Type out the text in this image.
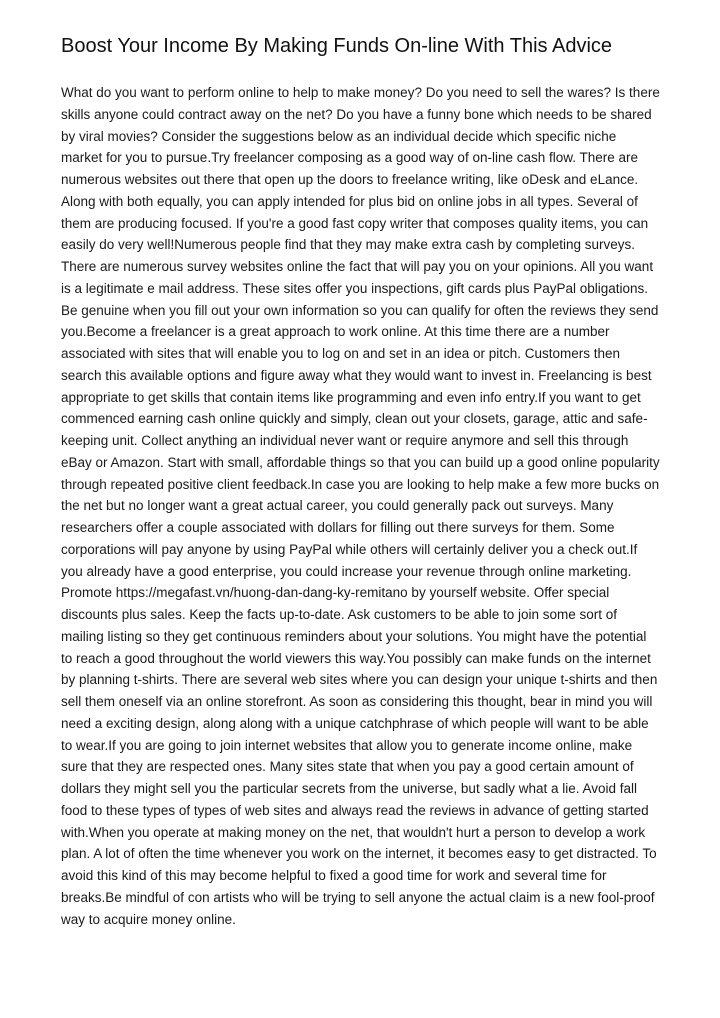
Boost Your Income By Making Funds On-line With This Advice

What do you want to perform online to help to make money? Do you need to sell the wares? Is there skills anyone could contract away on the net? Do you have a funny bone which needs to be shared by viral movies? Consider the suggestions below as an individual decide which specific niche market for you to pursue.Try freelancer composing as a good way of on-line cash flow. There are numerous websites out there that open up the doors to freelance writing, like oDesk and eLance. Along with both equally, you can apply intended for plus bid on online jobs in all types. Several of them are producing focused. If you're a good fast copy writer that composes quality items, you can easily do very well!Numerous people find that they may make extra cash by completing surveys. There are numerous survey websites online the fact that will pay you on your opinions. All you want is a legitimate e mail address. These sites offer you inspections, gift cards plus PayPal obligations. Be genuine when you fill out your own information so you can qualify for often the reviews they send you.Become a freelancer is a great approach to work online. At this time there are a number associated with sites that will enable you to log on and set in an idea or pitch. Customers then search this available options and figure away what they would want to invest in. Freelancing is best appropriate to get skills that contain items like programming and even info entry.If you want to get commenced earning cash online quickly and simply, clean out your closets, garage, attic and safe-keeping unit. Collect anything an individual never want or require anymore and sell this through eBay or Amazon. Start with small, affordable things so that you can build up a good online popularity through repeated positive client feedback.In case you are looking to help make a few more bucks on the net but no longer want a great actual career, you could generally pack out surveys. Many researchers offer a couple associated with dollars for filling out there surveys for them. Some corporations will pay anyone by using PayPal while others will certainly deliver you a check out.If you already have a good enterprise, you could increase your revenue through online marketing. Promote https://megafast.vn/huong-dan-dang-ky-remitano by yourself website. Offer special discounts plus sales. Keep the facts up-to-date. Ask customers to be able to join some sort of mailing listing so they get continuous reminders about your solutions. You might have the potential to reach a good throughout the world viewers this way.You possibly can make funds on the internet by planning t-shirts. There are several web sites where you can design your unique t-shirts and then sell them oneself via an online storefront. As soon as considering this thought, bear in mind you will need a exciting design, along along with a unique catchphrase of which people will want to be able to wear.If you are going to join internet websites that allow you to generate income online, make sure that they are respected ones. Many sites state that when you pay a good certain amount of dollars they might sell you the particular secrets from the universe, but sadly what a lie. Avoid fall food to these types of types of web sites and always read the reviews in advance of getting started with.When you operate at making money on the net, that wouldn't hurt a person to develop a work plan. A lot of often the time whenever you work on the internet, it becomes easy to get distracted. To avoid this kind of this may become helpful to fixed a good time for work and several time for breaks.Be mindful of con artists who will be trying to sell anyone the actual claim is a new fool-proof way to acquire money online.
